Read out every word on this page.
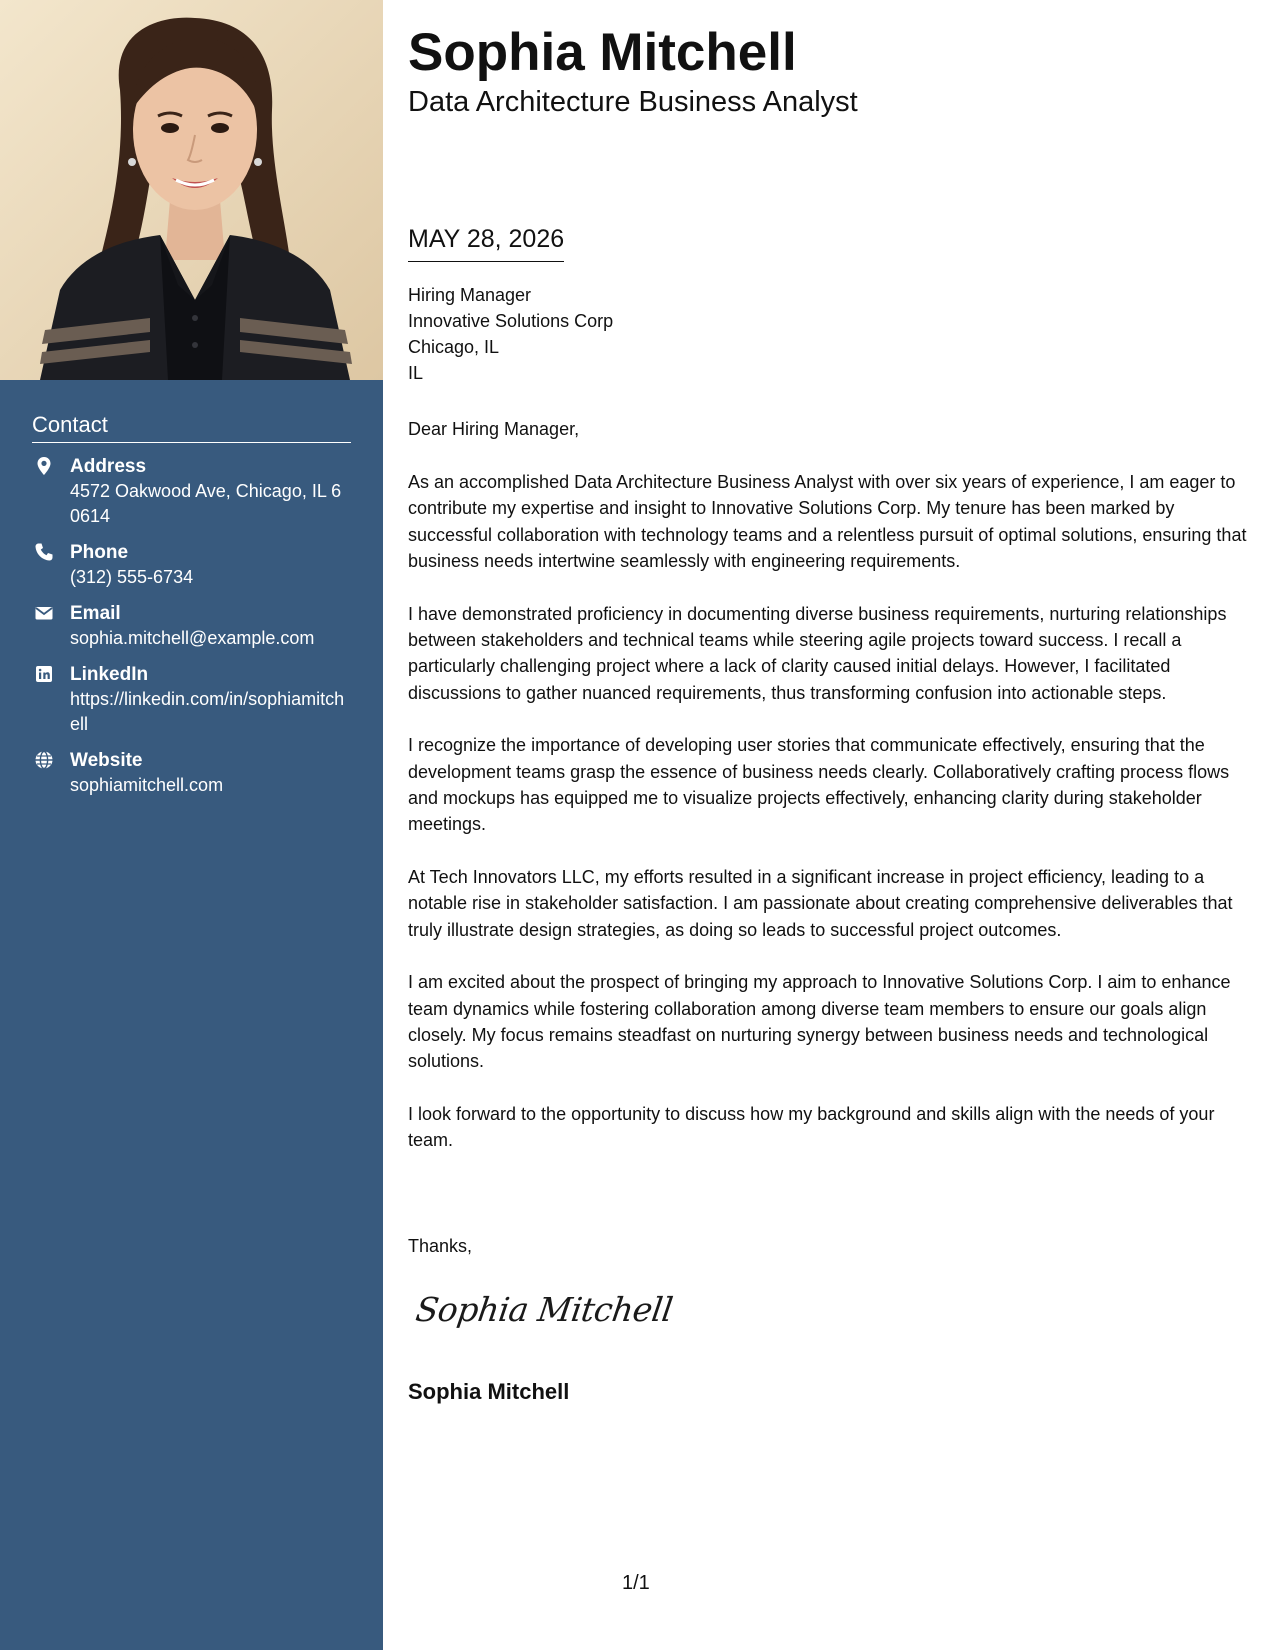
Contact
Address
4572 Oakwood Ave, Chicago, IL 60614
Phone
(312) 555-6734
Email
sophia.mitchell@example.com
LinkedIn
https://linkedin.com/in/sophiamitchell
Website
sophiamitchell.com
Sophia Mitchell
Data Architecture Business Analyst
MAY 28, 2026
Hiring Manager
Innovative Solutions Corp
Chicago, IL
IL
Dear Hiring Manager,

As an accomplished Data Architecture Business Analyst with over six years of experience, I am eager to contribute my expertise and insight to Innovative Solutions Corp. My tenure has been marked by successful collaboration with technology teams and a relentless pursuit of optimal solutions, ensuring that business needs intertwine seamlessly with engineering requirements.

I have demonstrated proficiency in documenting diverse business requirements, nurturing relationships between stakeholders and technical teams while steering agile projects toward success. I recall a particularly challenging project where a lack of clarity caused initial delays. However, I facilitated discussions to gather nuanced requirements, thus transforming confusion into actionable steps.

I recognize the importance of developing user stories that communicate effectively, ensuring that the development teams grasp the essence of business needs clearly. Collaboratively crafting process flows and mockups has equipped me to visualize projects effectively, enhancing clarity during stakeholder meetings.

At Tech Innovators LLC, my efforts resulted in a significant increase in project efficiency, leading to a notable rise in stakeholder satisfaction. I am passionate about creating comprehensive deliverables that truly illustrate design strategies, as doing so leads to successful project outcomes.

I am excited about the prospect of bringing my approach to Innovative Solutions Corp. I aim to enhance team dynamics while fostering collaboration among diverse team members to ensure our goals align closely. My focus remains steadfast on nurturing synergy between business needs and technological solutions.

I look forward to the opportunity to discuss how my background and skills align with the needs of your team.

Thanks,
Sophia Mitchell
Sophia Mitchell
1/1
